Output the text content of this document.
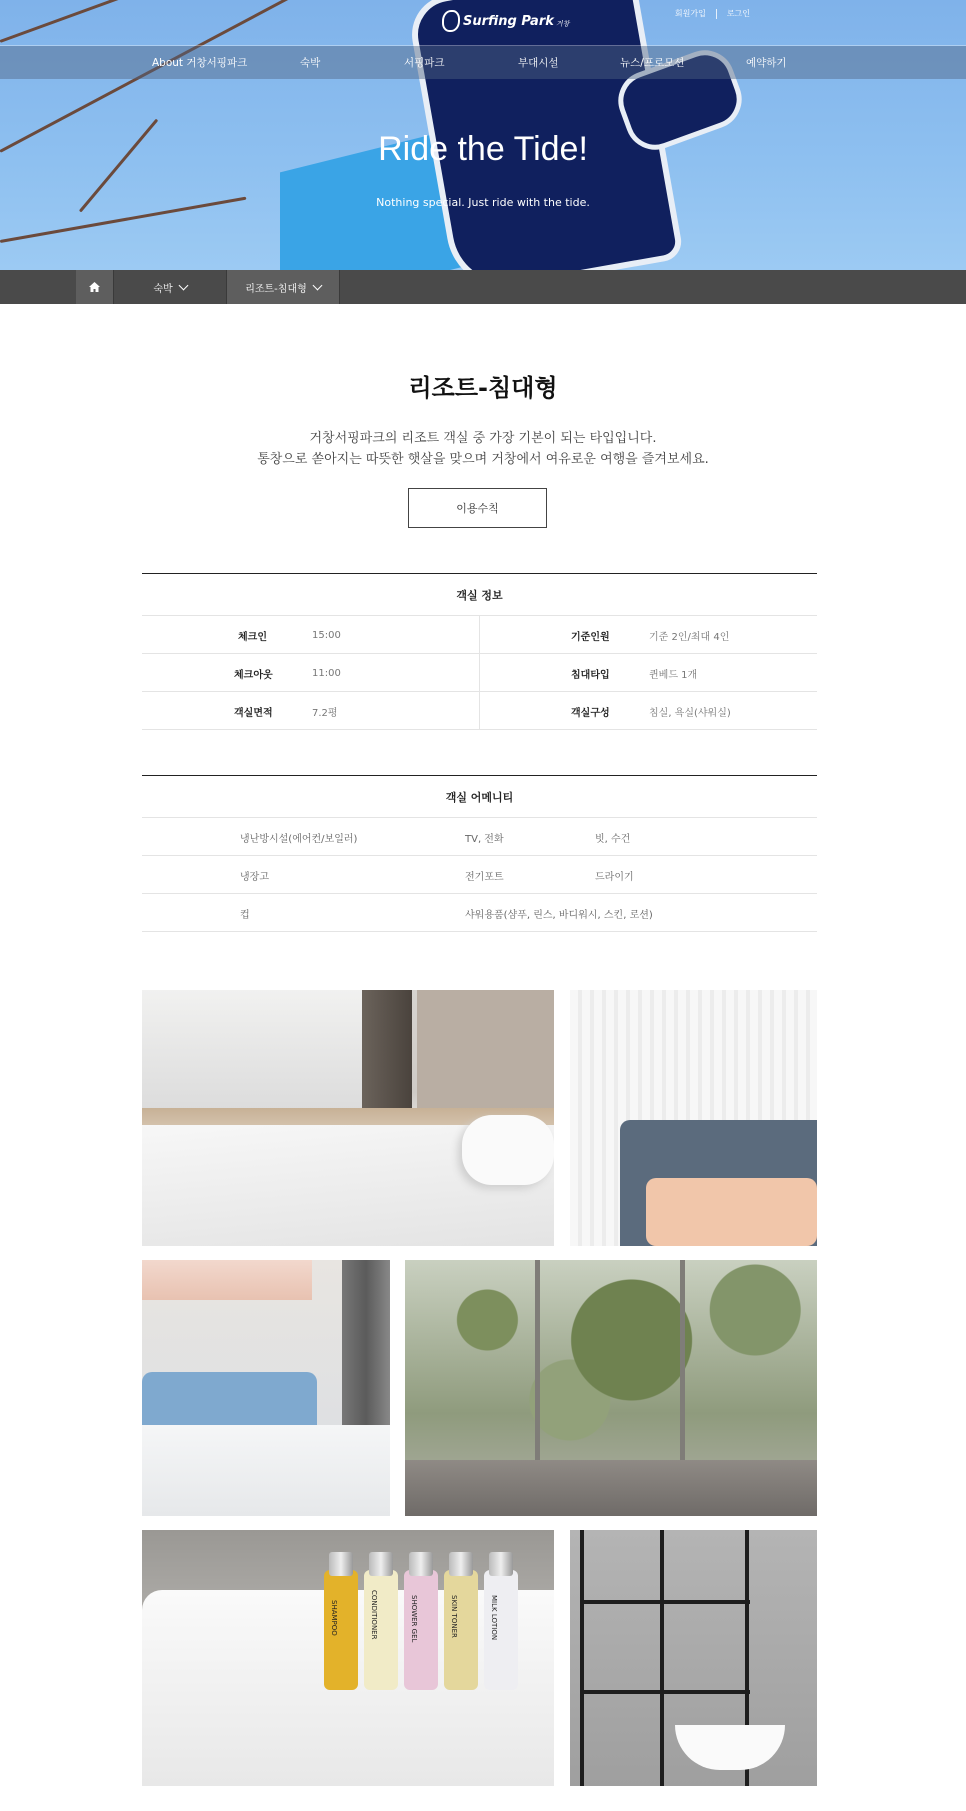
Surfing Park 거창
회원가입	로그인
About 거창서핑파크	숙박	서핑파크	부대시설	뉴스/프로모션	예약하기
Ride the Tide!
Nothing special. Just ride with the tide.
숙박	리조트-침대형
리조트-침대형
거창서핑파크의 리조트 객실 중 가장 기본이 되는 타입입니다.
통창으로 쏟아지는 따뜻한 햇살을 맞으며 거창에서 여유로운 여행을 즐겨보세요.
이용수칙
객실 정보
체크인	15:00	기준인원	기준 2인/최대 4인
체크아웃	11:00	침대타입	퀸베드 1개
객실면적	7.2평	객실구성	침실, 욕실(샤워실)
객실 어메니티
냉난방시설(에어컨/보일러)	TV, 전화	빗, 수건
냉장고	전기포트	드라이기
컵	샤워용품(샴푸, 린스, 바디워시, 스킨, 로션)
SHAMPOO	CONDITIONER	SHOWER GEL	SKIN TONER	MILK LOTION
